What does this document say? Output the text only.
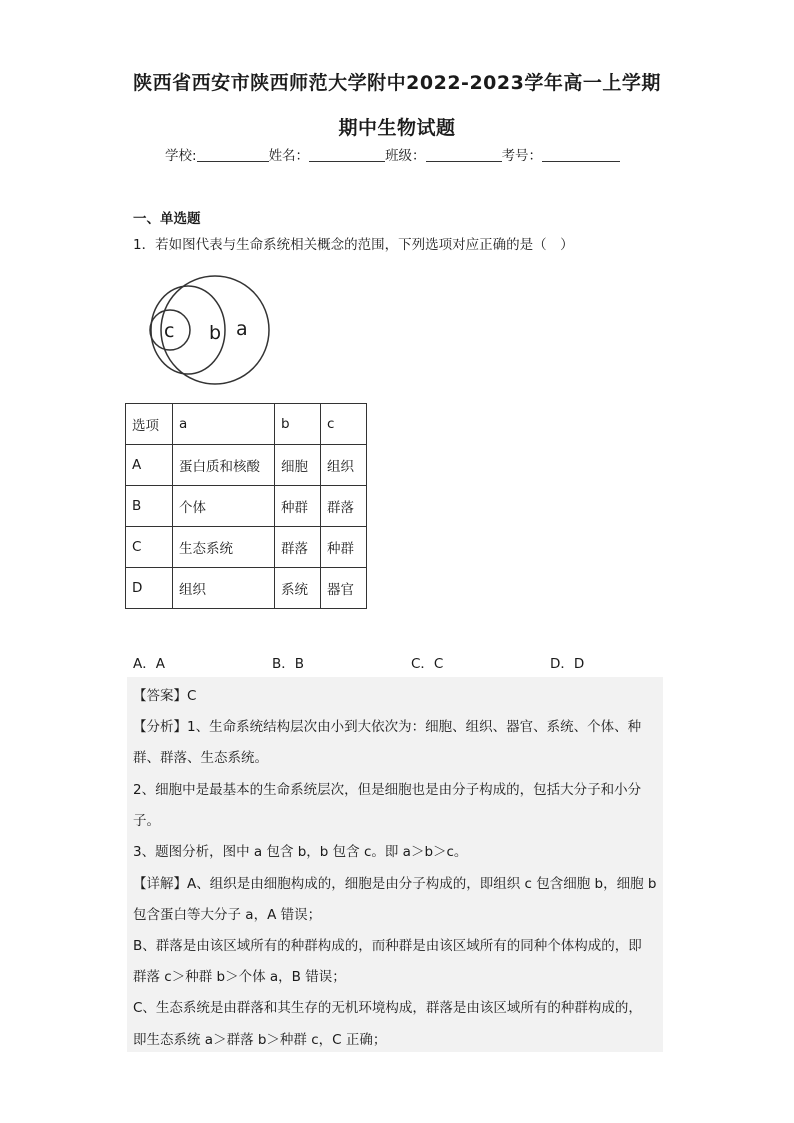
陕西省西安市陕西师范大学附中2022-2023学年高一上学期
期中生物试题
学校:	姓名：	班级：	考号：
一、单选题
1．若如图代表与生命系统相关概念的范围，下列选项对应正确的是（　）
c b a
选项	a	b	c
A	蛋白质和核酸	细胞	组织
B	个体	种群	群落
C	生态系统	群落	种群
D	组织	系统	器官
A．A	B．B	C．C	D．D
【答案】C
【分析】1、生命系统结构层次由小到大依次为：细胞、组织、器官、系统、个体、种
群、群落、生态系统。
2、细胞中是最基本的生命系统层次，但是细胞也是由分子构成的，包括大分子和小分
子。
3、题图分析，图中 a 包含 b，b 包含 c。即 a＞b＞c。
【详解】A、组织是由细胞构成的，细胞是由分子构成的，即组织 c 包含细胞 b，细胞 b
包含蛋白等大分子 a，A 错误；
B、群落是由该区域所有的种群构成的，而种群是由该区域所有的同种个体构成的，即
群落 c＞种群 b＞个体 a，B 错误；
C、生态系统是由群落和其生存的无机环境构成，群落是由该区域所有的种群构成的，
即生态系统 a＞群落 b＞种群 c，C 正确；
